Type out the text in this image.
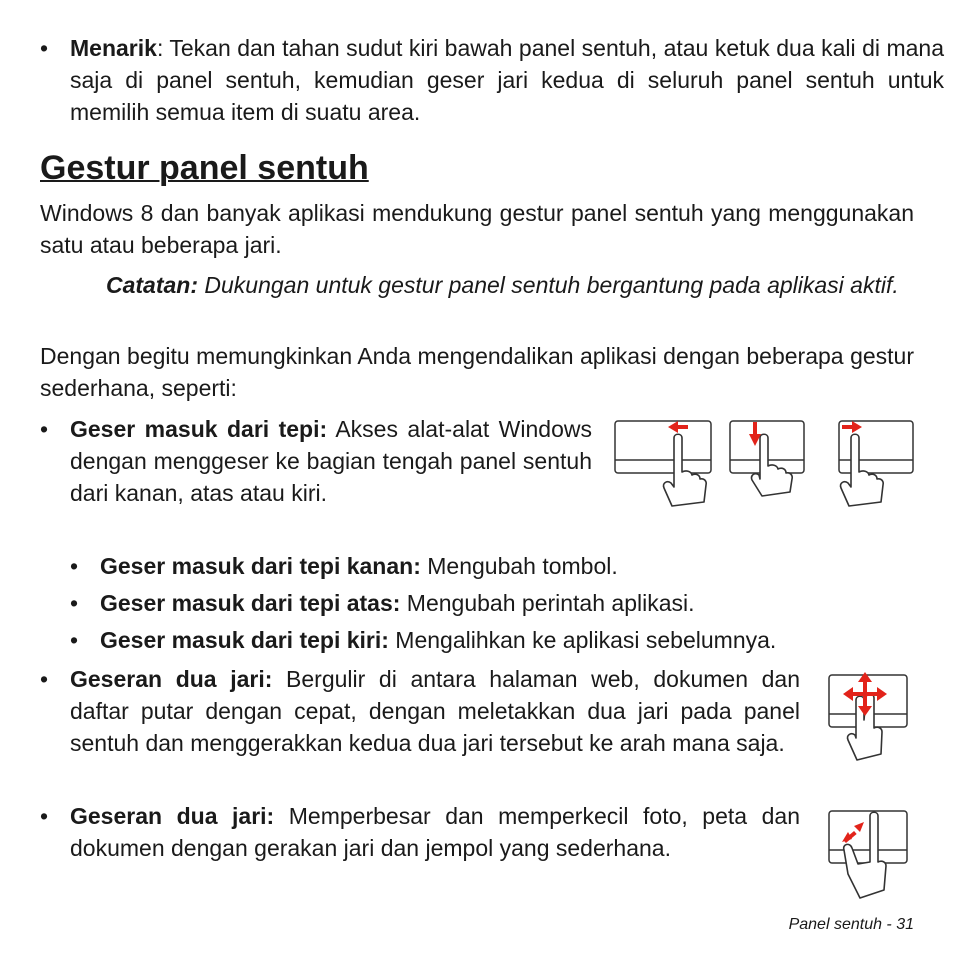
• Menarik: Tekan dan tahan sudut kiri bawah panel sentuh, atau ketuk dua kali di mana saja di panel sentuh, kemudian geser jari kedua di seluruh panel sentuh untuk memilih semua item di suatu area.
Gestur panel sentuh
Windows 8 dan banyak aplikasi mendukung gestur panel sentuh yang menggunakan satu atau beberapa jari.
Catatan: Dukungan untuk gestur panel sentuh bergantung pada aplikasi aktif.
Dengan begitu memungkinkan Anda mengendalikan aplikasi dengan beberapa gestur sederhana, seperti:
• Geser masuk dari tepi: Akses alat-alat Windows dengan menggeser ke bagian tengah panel sentuh dari kanan, atas atau kiri.
• Geser masuk dari tepi kanan: Mengubah tombol.
• Geser masuk dari tepi atas: Mengubah perintah aplikasi.
• Geser masuk dari tepi kiri: Mengalihkan ke aplikasi sebelumnya.
• Geseran dua jari: Bergulir di antara halaman web, dokumen dan daftar putar dengan cepat, dengan meletakkan dua jari pada panel sentuh dan menggerakkan kedua dua jari tersebut ke arah mana saja.
• Geseran dua jari: Memperbesar dan memperkecil foto, peta dan dokumen dengan gerakan jari dan jempol yang sederhana.
Panel sentuh - 31
